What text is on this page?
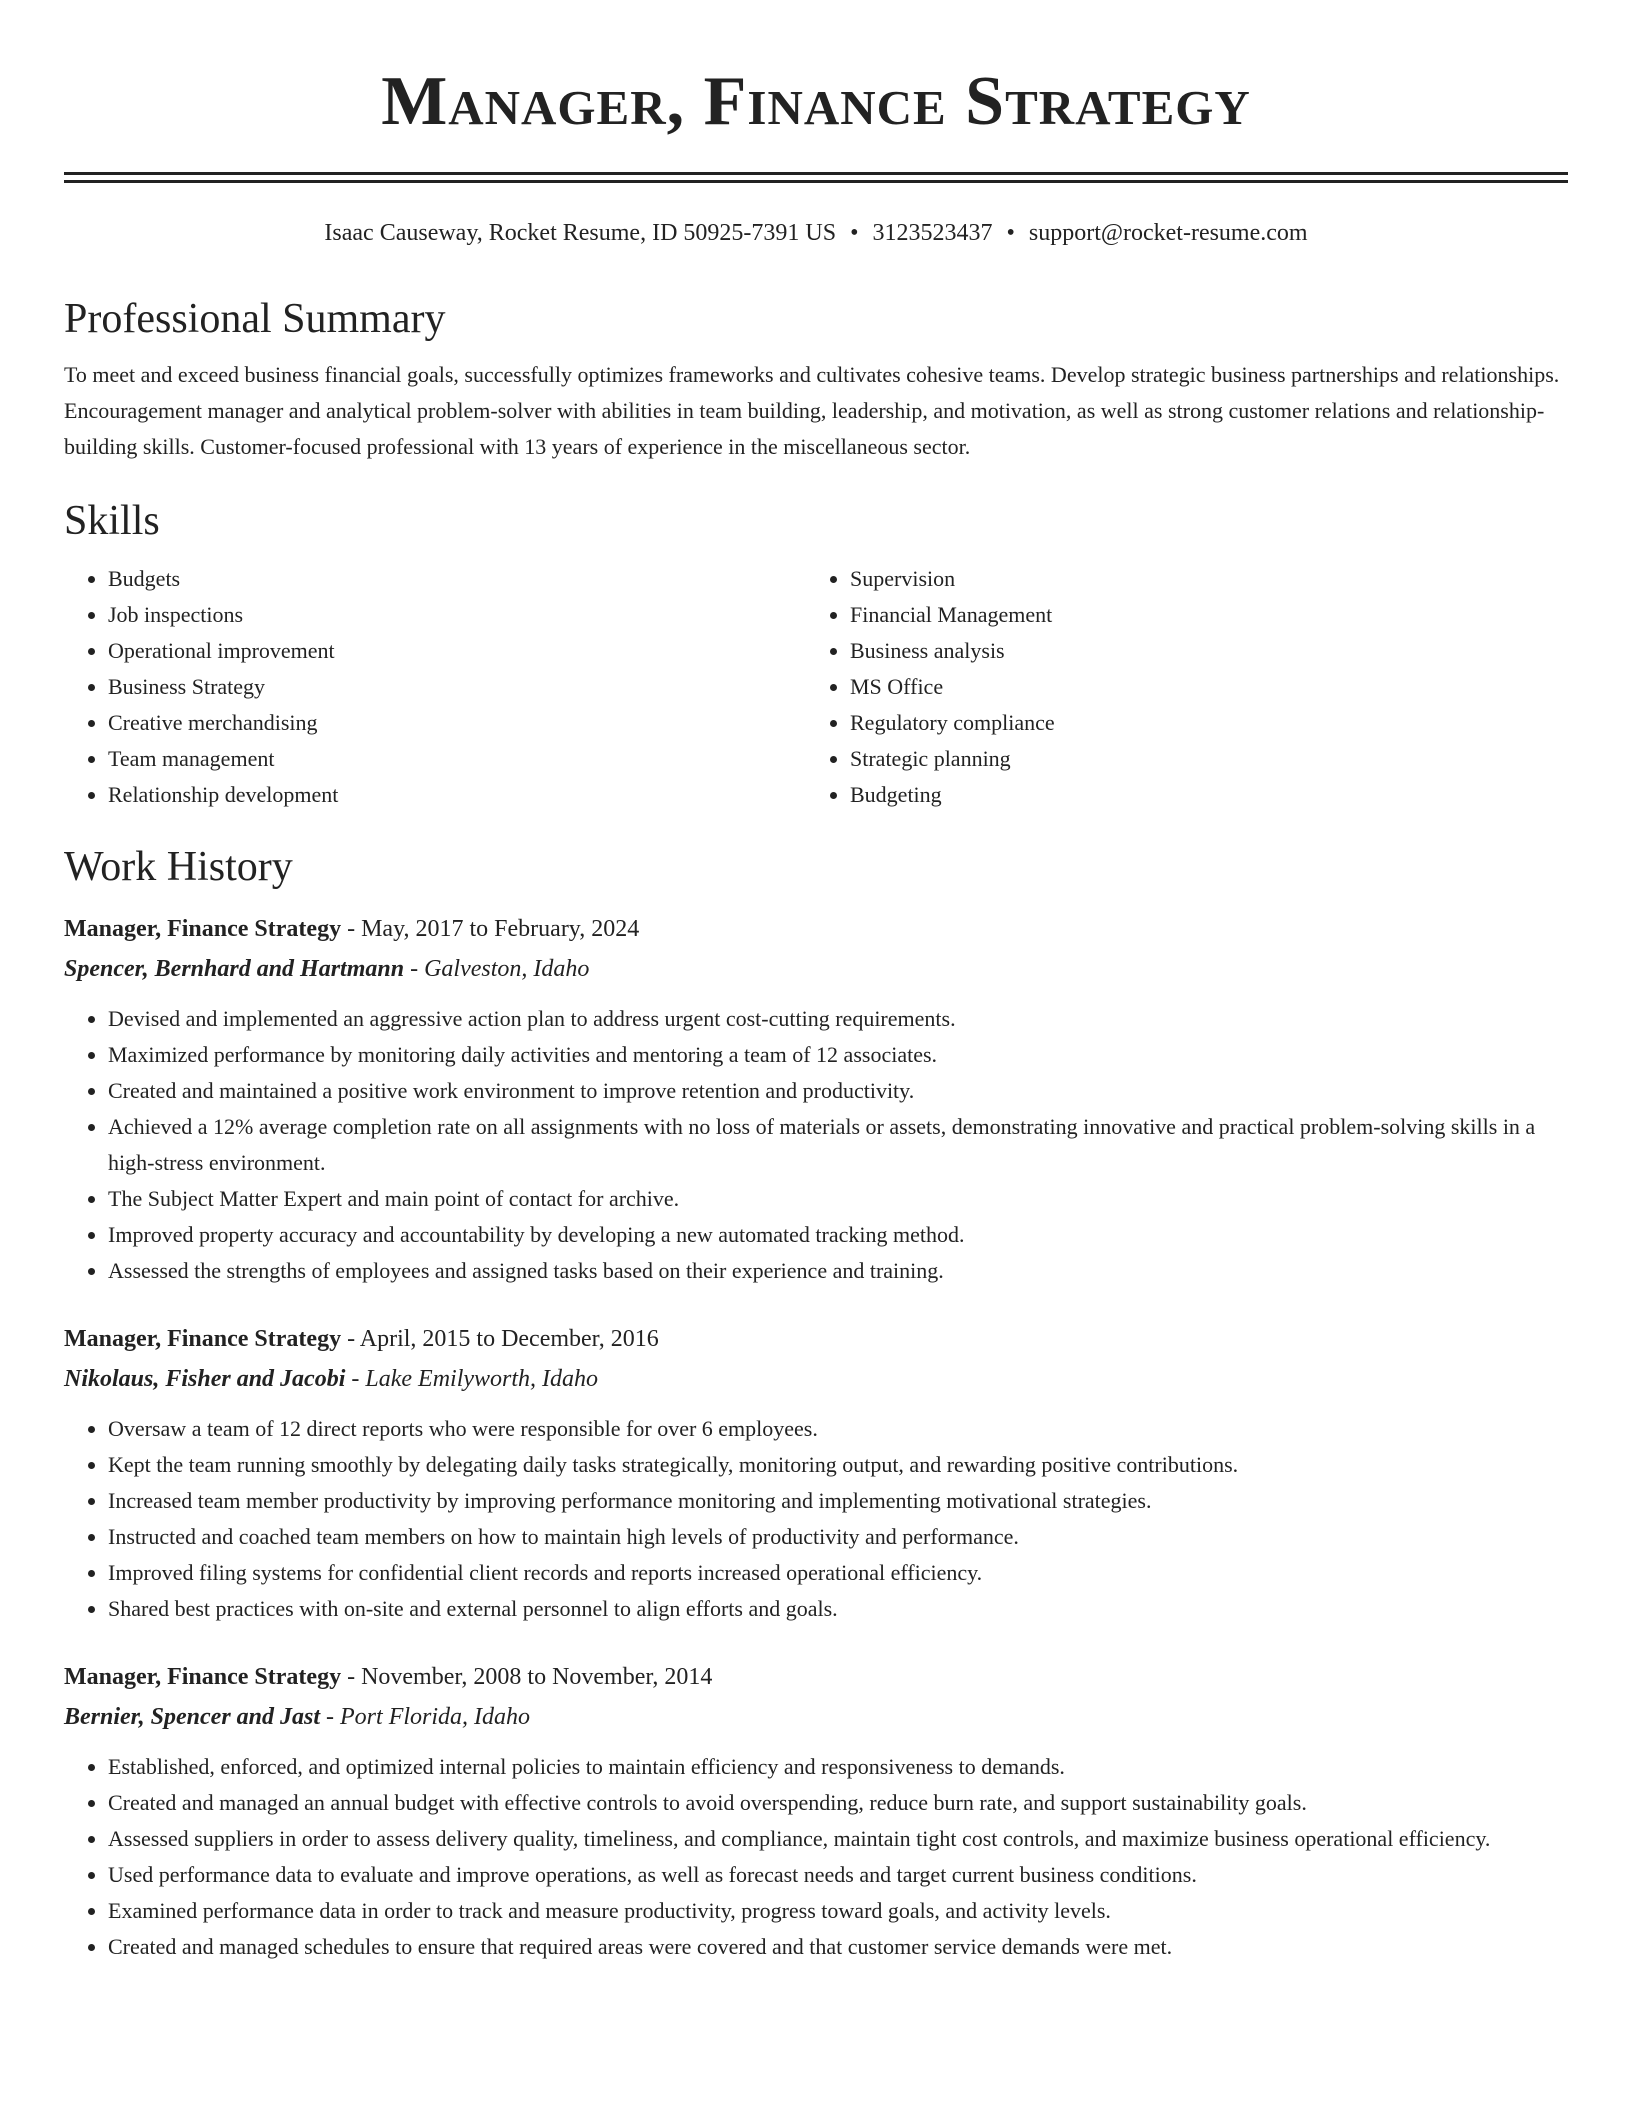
Manager, Finance Strategy
Isaac Causeway, Rocket Resume, ID 50925-7391 US • 3123523437 • support@rocket-resume.com
Professional Summary

To meet and exceed business financial goals, successfully optimizes frameworks and cultivates cohesive teams. Develop strategic business partnerships and relationships. Encouragement manager and analytical problem-solver with abilities in team building, leadership, and motivation, as well as strong customer relations and relationship-building skills. Customer-focused professional with 13 years of experience in the miscellaneous sector.

Skills
• Budgets
• Job inspections
• Operational improvement
• Business Strategy
• Creative merchandising
• Team management
• Relationship development
• Supervision
• Financial Management
• Business analysis
• MS Office
• Regulatory compliance
• Strategic planning
• Budgeting
Work History
Manager, Finance Strategy - May, 2017 to February, 2024
Spencer, Bernhard and Hartmann - Galveston, Idaho
• Devised and implemented an aggressive action plan to address urgent cost-cutting requirements.
• Maximized performance by monitoring daily activities and mentoring a team of 12 associates.
• Created and maintained a positive work environment to improve retention and productivity.
• Achieved a 12% average completion rate on all assignments with no loss of materials or assets, demonstrating innovative and practical problem-solving skills in a high-stress environment.
• The Subject Matter Expert and main point of contact for archive.
• Improved property accuracy and accountability by developing a new automated tracking method.
• Assessed the strengths of employees and assigned tasks based on their experience and training.
Manager, Finance Strategy - April, 2015 to December, 2016
Nikolaus, Fisher and Jacobi - Lake Emilyworth, Idaho
• Oversaw a team of 12 direct reports who were responsible for over 6 employees.
• Kept the team running smoothly by delegating daily tasks strategically, monitoring output, and rewarding positive contributions.
• Increased team member productivity by improving performance monitoring and implementing motivational strategies.
• Instructed and coached team members on how to maintain high levels of productivity and performance.
• Improved filing systems for confidential client records and reports increased operational efficiency.
• Shared best practices with on-site and external personnel to align efforts and goals.
Manager, Finance Strategy - November, 2008 to November, 2014
Bernier, Spencer and Jast - Port Florida, Idaho
• Established, enforced, and optimized internal policies to maintain efficiency and responsiveness to demands.
• Created and managed an annual budget with effective controls to avoid overspending, reduce burn rate, and support sustainability goals.
• Assessed suppliers in order to assess delivery quality, timeliness, and compliance, maintain tight cost controls, and maximize business operational efficiency.
• Used performance data to evaluate and improve operations, as well as forecast needs and target current business conditions.
• Examined performance data in order to track and measure productivity, progress toward goals, and activity levels.
• Created and managed schedules to ensure that required areas were covered and that customer service demands were met.
